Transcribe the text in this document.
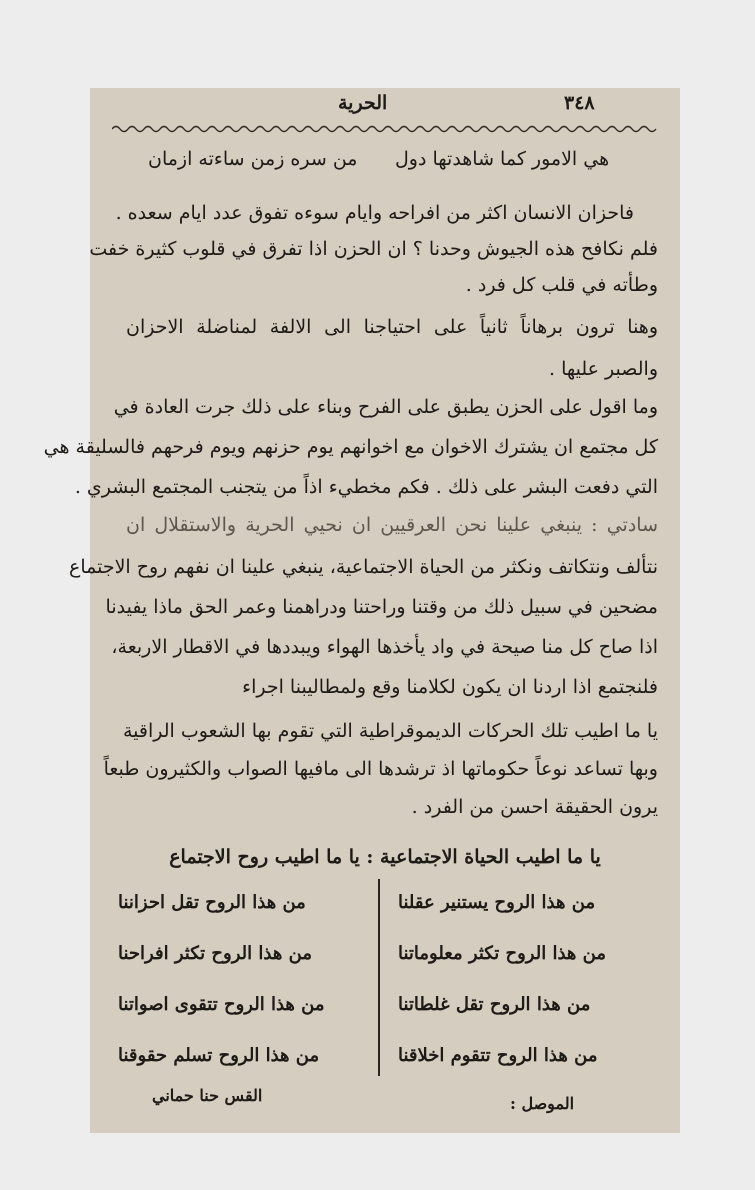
٣٤٨
الحرية
هي الامور كما شاهدتها دول
من سره زمن ساءته ازمان
فاحزان الانسان اكثر من افراحه وايام سوءه تفوق عدد ايام سعده .
فلم نكافح هذه الجيوش وحدنا ؟ ان الحزن اذا تفرق في قلوب كثيرة خفت
وطأته في قلب كل فرد .
وهنا ترون برهاناً ثانياً على احتياجنا الى الالفة لمناضلة الاحزان
والصبر عليها .
وما اقول على الحزن يطبق على الفرح وبناء على ذلك جرت العادة في
كل مجتمع ان يشترك الاخوان مع اخوانهم يوم حزنهم ويوم فرحهم فالسليقة هي
التي دفعت البشر على ذلك . فكم مخطيء اذاً من يتجنب المجتمع البشري .
سادتي : ينبغي علينا نحن العرقيين ان نحيي الحرية والاستقلال ان
نتألف ونتكاتف ونكثر من الحياة الاجتماعية، ينبغي علينا ان نفهم روح الاجتماع
مضحين في سبيل ذلك من وقتنا وراحتنا ودراهمنا وعمر الحق ماذا يفيدنا
اذا صاح كل منا صيحة في واد يأخذها الهواء ويبددها في الاقطار الاربعة،
فلنجتمع اذا اردنا ان يكون لكلامنا وقع ولمطاليبنا اجراء
يا ما اطيب تلك الحركات الديموقراطية التي تقوم بها الشعوب الراقية
وبها تساعد نوعاً حكوماتها اذ ترشدها الى مافيها الصواب والكثيرون طبعاً
يرون الحقيقة احسن من الفرد .
يا ما اطيب الحياة الاجتماعية : يا ما اطيب روح الاجتماع
من هذا الروح يستنير عقلنا
من هذا الروح تكثر معلوماتنا
من هذا الروح تقل غلطاتنا
من هذا الروح تتقوم اخلاقنا
من هذا الروح تقل احزاننا
من هذا الروح تكثر افراحنا
من هذا الروح تتقوى اصواتنا
من هذا الروح تسلم حقوقنا
الموصل :
القس حنا حماني
